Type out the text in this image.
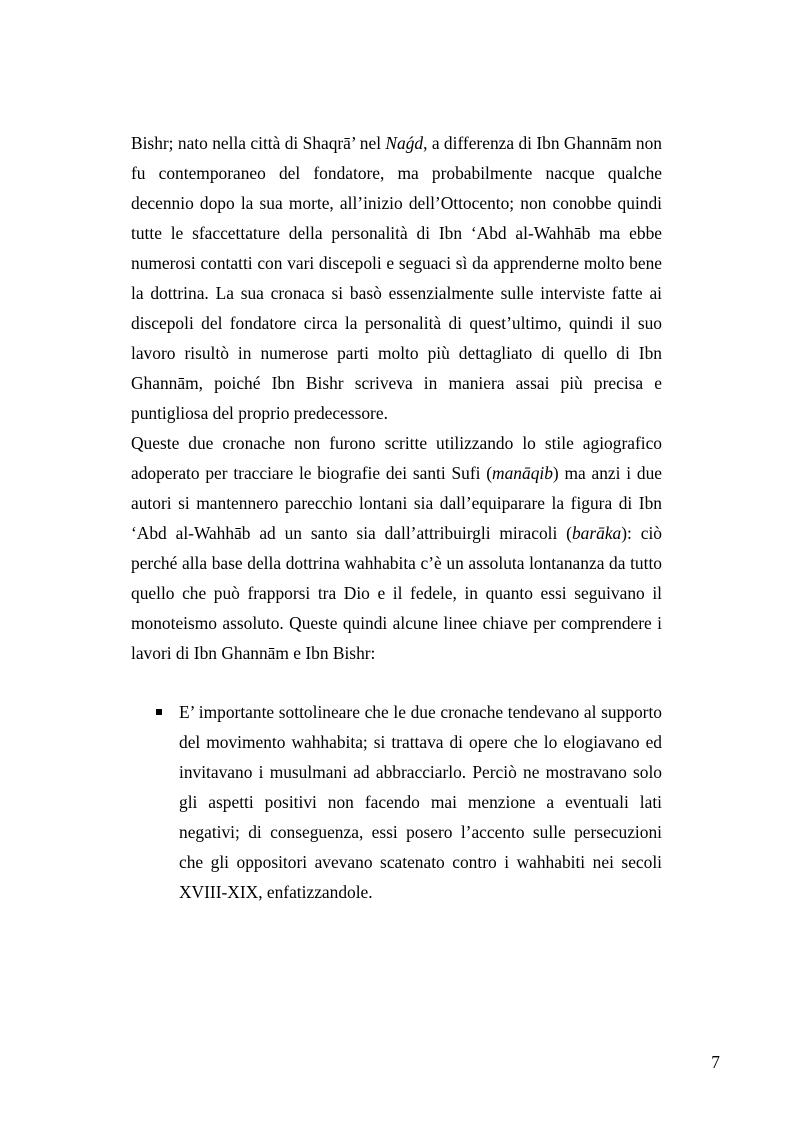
Bishr; nato nella città di Shaqrā’ nel Naǵd, a differenza di Ibn Ghannām non fu contemporaneo del fondatore, ma probabilmente nacque qualche decennio dopo la sua morte, all’inizio dell’Ottocento; non conobbe quindi tutte le sfaccettature della personalità di Ibn ‘Abd al-Wahhāb ma ebbe numerosi contatti con vari discepoli e seguaci sì da apprenderne molto bene la dottrina. La sua cronaca si basò essenzialmente sulle interviste fatte ai discepoli del fondatore circa la personalità di quest’ultimo, quindi il suo lavoro risultò in numerose parti molto più dettagliato di quello di Ibn Ghannām, poiché Ibn Bishr scriveva in maniera assai più precisa e puntigliosa del proprio predecessore.

Queste due cronache non furono scritte utilizzando lo stile agiografico adoperato per tracciare le biografie dei santi Sufi (manāqib) ma anzi i due autori si mantennero parecchio lontani sia dall’equiparare la figura di Ibn ‘Abd al-Wahhāb ad un santo sia dall’attribuirgli miracoli (barāka): ciò perché alla base della dottrina wahhabita c’è un assoluta lontananza da tutto quello che può frapporsi tra Dio e il fedele, in quanto essi seguivano il monoteismo assoluto. Queste quindi alcune linee chiave per comprendere i lavori di Ibn Ghannām e Ibn Bishr:

E’ importante sottolineare che le due cronache tendevano al supporto del movimento wahhabita; si trattava di opere che lo elogiavano ed invitavano i musulmani ad abbracciarlo. Perciò ne mostravano solo gli aspetti positivi non facendo mai menzione a eventuali lati negativi; di conseguenza, essi posero l’accento sulle persecuzioni che gli oppositori avevano scatenato contro i wahhabiti nei secoli XVIII-XIX, enfatizzandole.
7
